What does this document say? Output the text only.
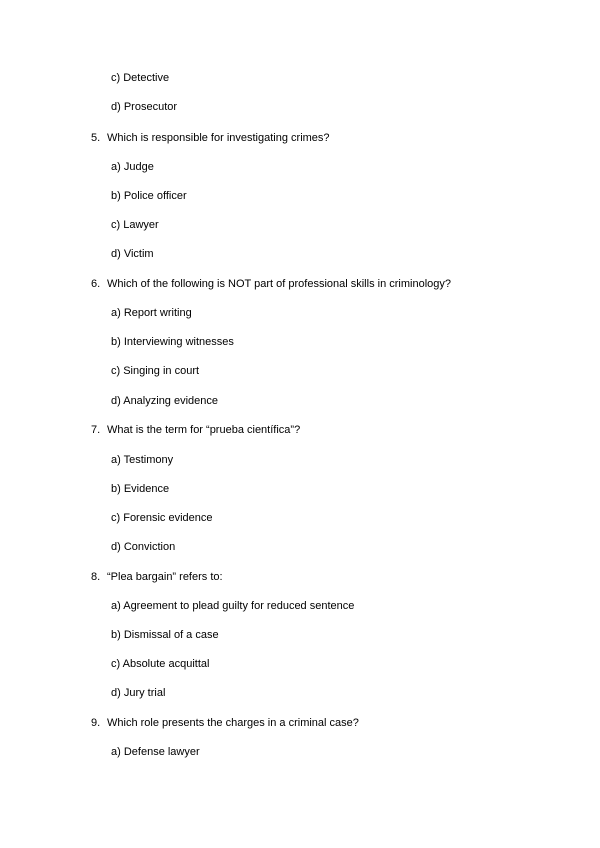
c) Detective
d) Prosecutor
5. Which is responsible for investigating crimes?
a) Judge
b) Police officer
c) Lawyer
d) Victim
6. Which of the following is NOT part of professional skills in criminology?
a) Report writing
b) Interviewing witnesses
c) Singing in court
d) Analyzing evidence
7. What is the term for “prueba científica”?
a) Testimony
b) Evidence
c) Forensic evidence
d) Conviction
8. “Plea bargain” refers to:
a) Agreement to plead guilty for reduced sentence
b) Dismissal of a case
c) Absolute acquittal
d) Jury trial
9. Which role presents the charges in a criminal case?
a) Defense lawyer
